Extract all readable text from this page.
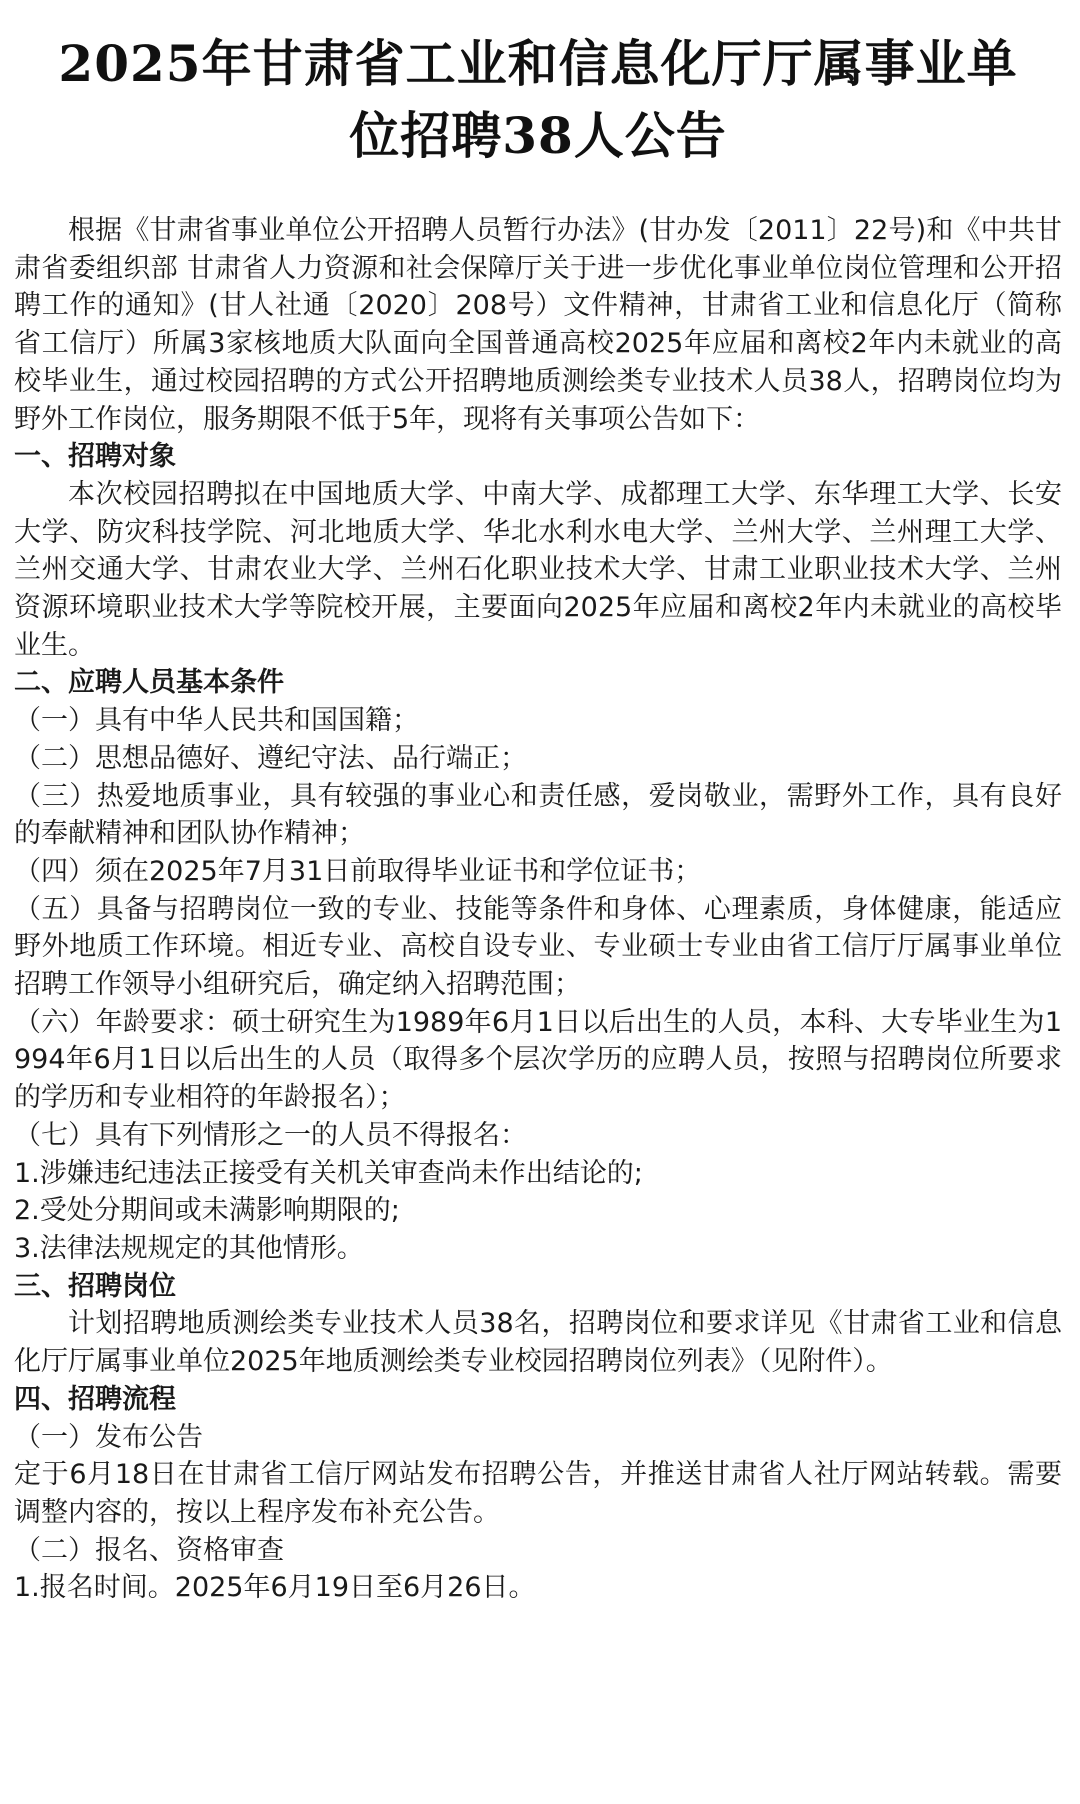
2025年甘肃省工业和信息化厅厅属事业单
位招聘38人公告

根据《甘肃省事业单位公开招聘人员暂行办法》(甘办发〔2011〕22号)和《中共甘肃省委组织部 甘肃省人力资源和社会保障厅关于进一步优化事业单位岗位管理和公开招聘工作的通知》(甘人社通〔2020〕208号）文件精神，甘肃省工业和信息化厅（简称省工信厅）所属3家核地质大队面向全国普通高校2025年应届和离校2年内未就业的高校毕业生，通过校园招聘的方式公开招聘地质测绘类专业技术人员38人，招聘岗位均为野外工作岗位，服务期限不低于5年，现将有关事项公告如下：

一、招聘对象

本次校园招聘拟在中国地质大学、中南大学、成都理工大学、东华理工大学、长安大学、防灾科技学院、河北地质大学、华北水利水电大学、兰州大学、兰州理工大学、兰州交通大学、甘肃农业大学、兰州石化职业技术大学、甘肃工业职业技术大学、兰州资源环境职业技术大学等院校开展，主要面向2025年应届和离校2年内未就业的高校毕业生。

二、应聘人员基本条件

（一）具有中华人民共和国国籍；

（二）思想品德好、遵纪守法、品行端正；

（三）热爱地质事业，具有较强的事业心和责任感，爱岗敬业，需野外工作，具有良好的奉献精神和团队协作精神；

（四）须在2025年7月31日前取得毕业证书和学位证书；

（五）具备与招聘岗位一致的专业、技能等条件和身体、心理素质，身体健康，能适应野外地质工作环境。相近专业、高校自设专业、专业硕士专业由省工信厅厅属事业单位招聘工作领导小组研究后，确定纳入招聘范围；

（六）年龄要求：硕士研究生为1989年6月1日以后出生的人员，本科、大专毕业生为1994年6月1日以后出生的人员（取得多个层次学历的应聘人员，按照与招聘岗位所要求的学历和专业相符的年龄报名）；

（七）具有下列情形之一的人员不得报名：

1.涉嫌违纪违法正接受有关机关审查尚未作出结论的;

2.受处分期间或未满影响期限的;

3.法律法规规定的其他情形。

三、招聘岗位

计划招聘地质测绘类专业技术人员38名，招聘岗位和要求详见《甘肃省工业和信息化厅厅属事业单位2025年地质测绘类专业校园招聘岗位列表》（见附件）。

四、招聘流程

（一）发布公告

定于6月18日在甘肃省工信厅网站发布招聘公告，并推送甘肃省人社厅网站转载。需要调整内容的，按以上程序发布补充公告。

（二）报名、资格审查

1.报名时间。2025年6月19日至6月26日。
